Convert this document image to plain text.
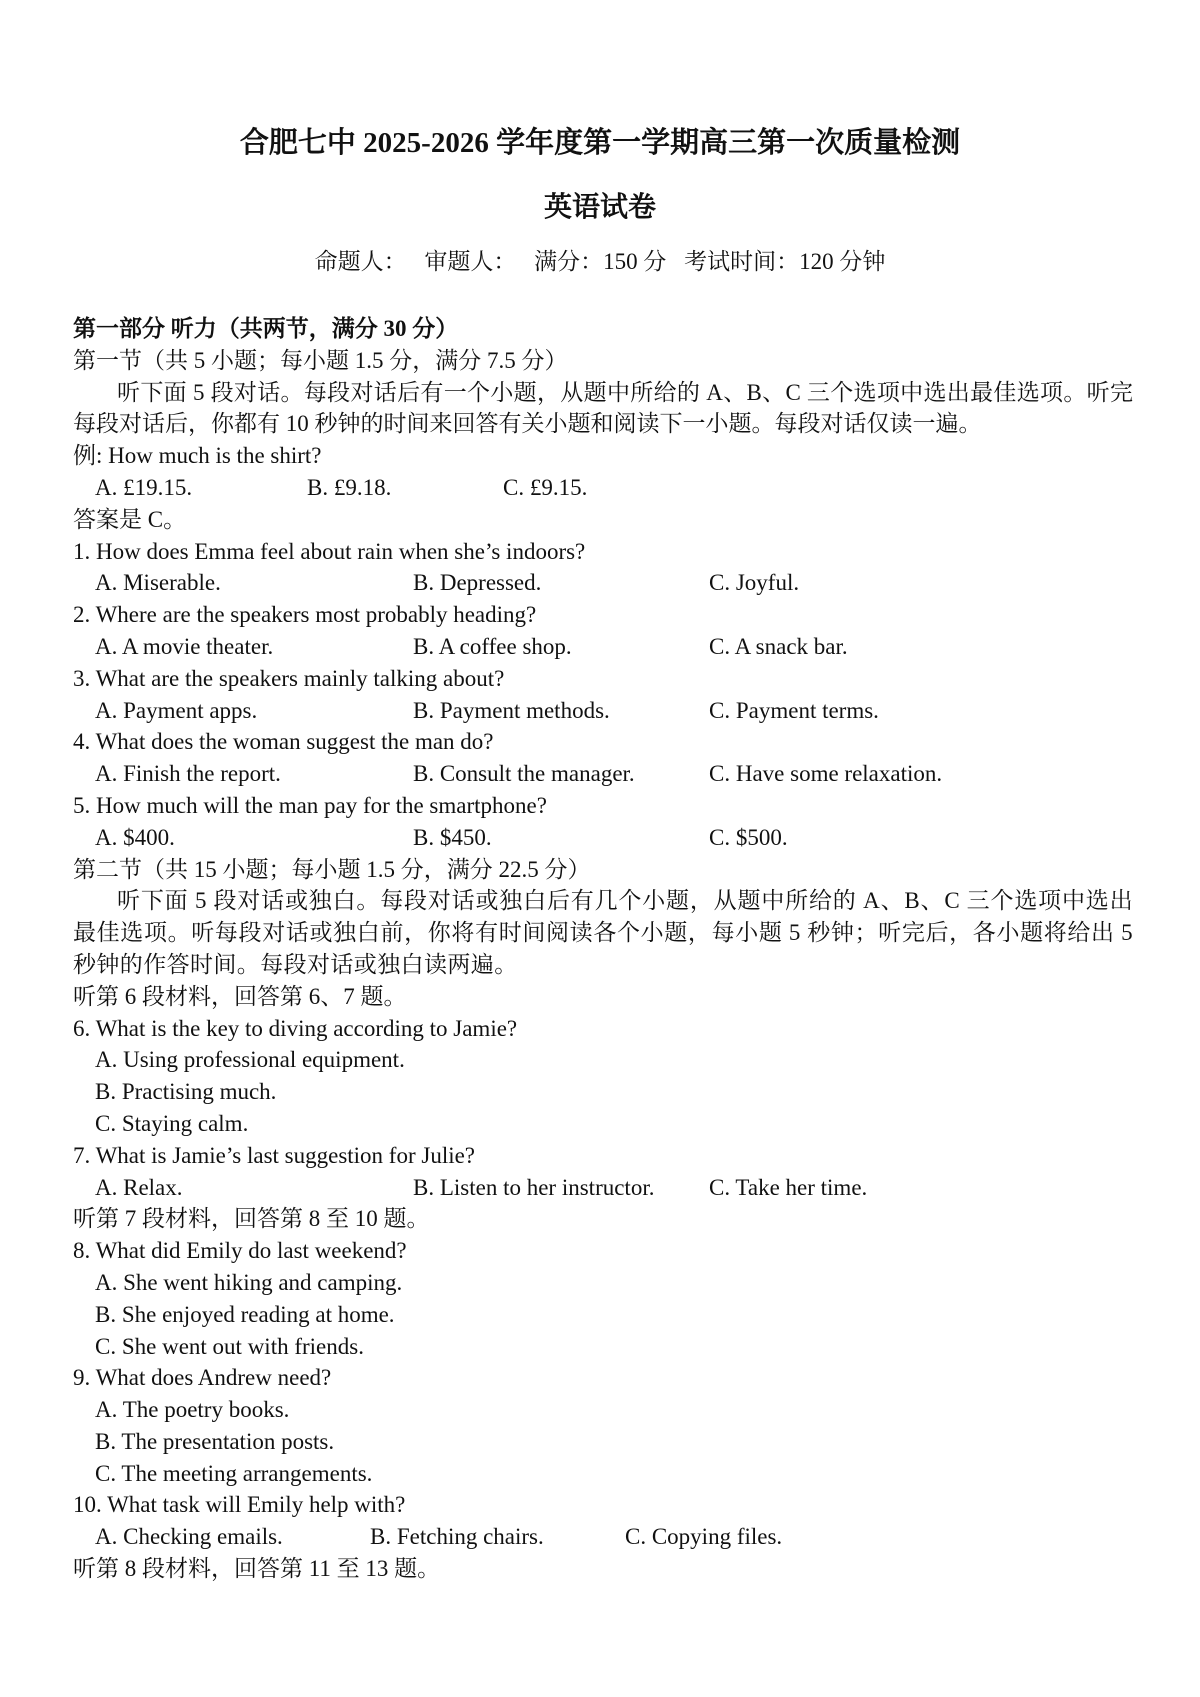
合肥七中 2025-2026 学年度第一学期高三第一次质量检测
英语试卷
命题人： 审题人： 满分：150 分 考试时间：120 分钟
第一部分 听力（共两节，满分 30 分）
第一节（共 5 小题；每小题 1.5 分，满分 7.5 分）
听下面 5 段对话。每段对话后有一个小题，从题中所给的 A、B、C 三个选项中选出最佳选项。听完每段对话后，你都有 10 秒钟的时间来回答有关小题和阅读下一小题。每段对话仅读一遍。
例: How much is the shirt?
A. £19.15.	B. £9.18.	C. £9.15.
答案是 C。
1. How does Emma feel about rain when she’s indoors?
A. Miserable.	B. Depressed.	C. Joyful.
2. Where are the speakers most probably heading?
A. A movie theater.	B. A coffee shop.	C. A snack bar.
3. What are the speakers mainly talking about?
A. Payment apps.	B. Payment methods.	C. Payment terms.
4. What does the woman suggest the man do?
A. Finish the report.	B. Consult the manager.	C. Have some relaxation.
5. How much will the man pay for the smartphone?
A. $400.	B. $450.	C. $500.
第二节（共 15 小题；每小题 1.5 分，满分 22.5 分）
听下面 5 段对话或独白。每段对话或独白后有几个小题，从题中所给的 A、B、C 三个选项中选出最佳选项。听每段对话或独白前，你将有时间阅读各个小题，每小题 5 秒钟；听完后，各小题将给出 5 秒钟的作答时间。每段对话或独白读两遍。
听第 6 段材料，回答第 6、7 题。
6. What is the key to diving according to Jamie?
A. Using professional equipment.
B. Practising much.
C. Staying calm.
7. What is Jamie’s last suggestion for Julie?
A. Relax.	B. Listen to her instructor.	C. Take her time.
听第 7 段材料，回答第 8 至 10 题。
8. What did Emily do last weekend?
A. She went hiking and camping.
B. She enjoyed reading at home.
C. She went out with friends.
9. What does Andrew need?
A. The poetry books.
B. The presentation posts.
C. The meeting arrangements.
10. What task will Emily help with?
A. Checking emails.	B. Fetching chairs.	C. Copying files.
听第 8 段材料，回答第 11 至 13 题。
